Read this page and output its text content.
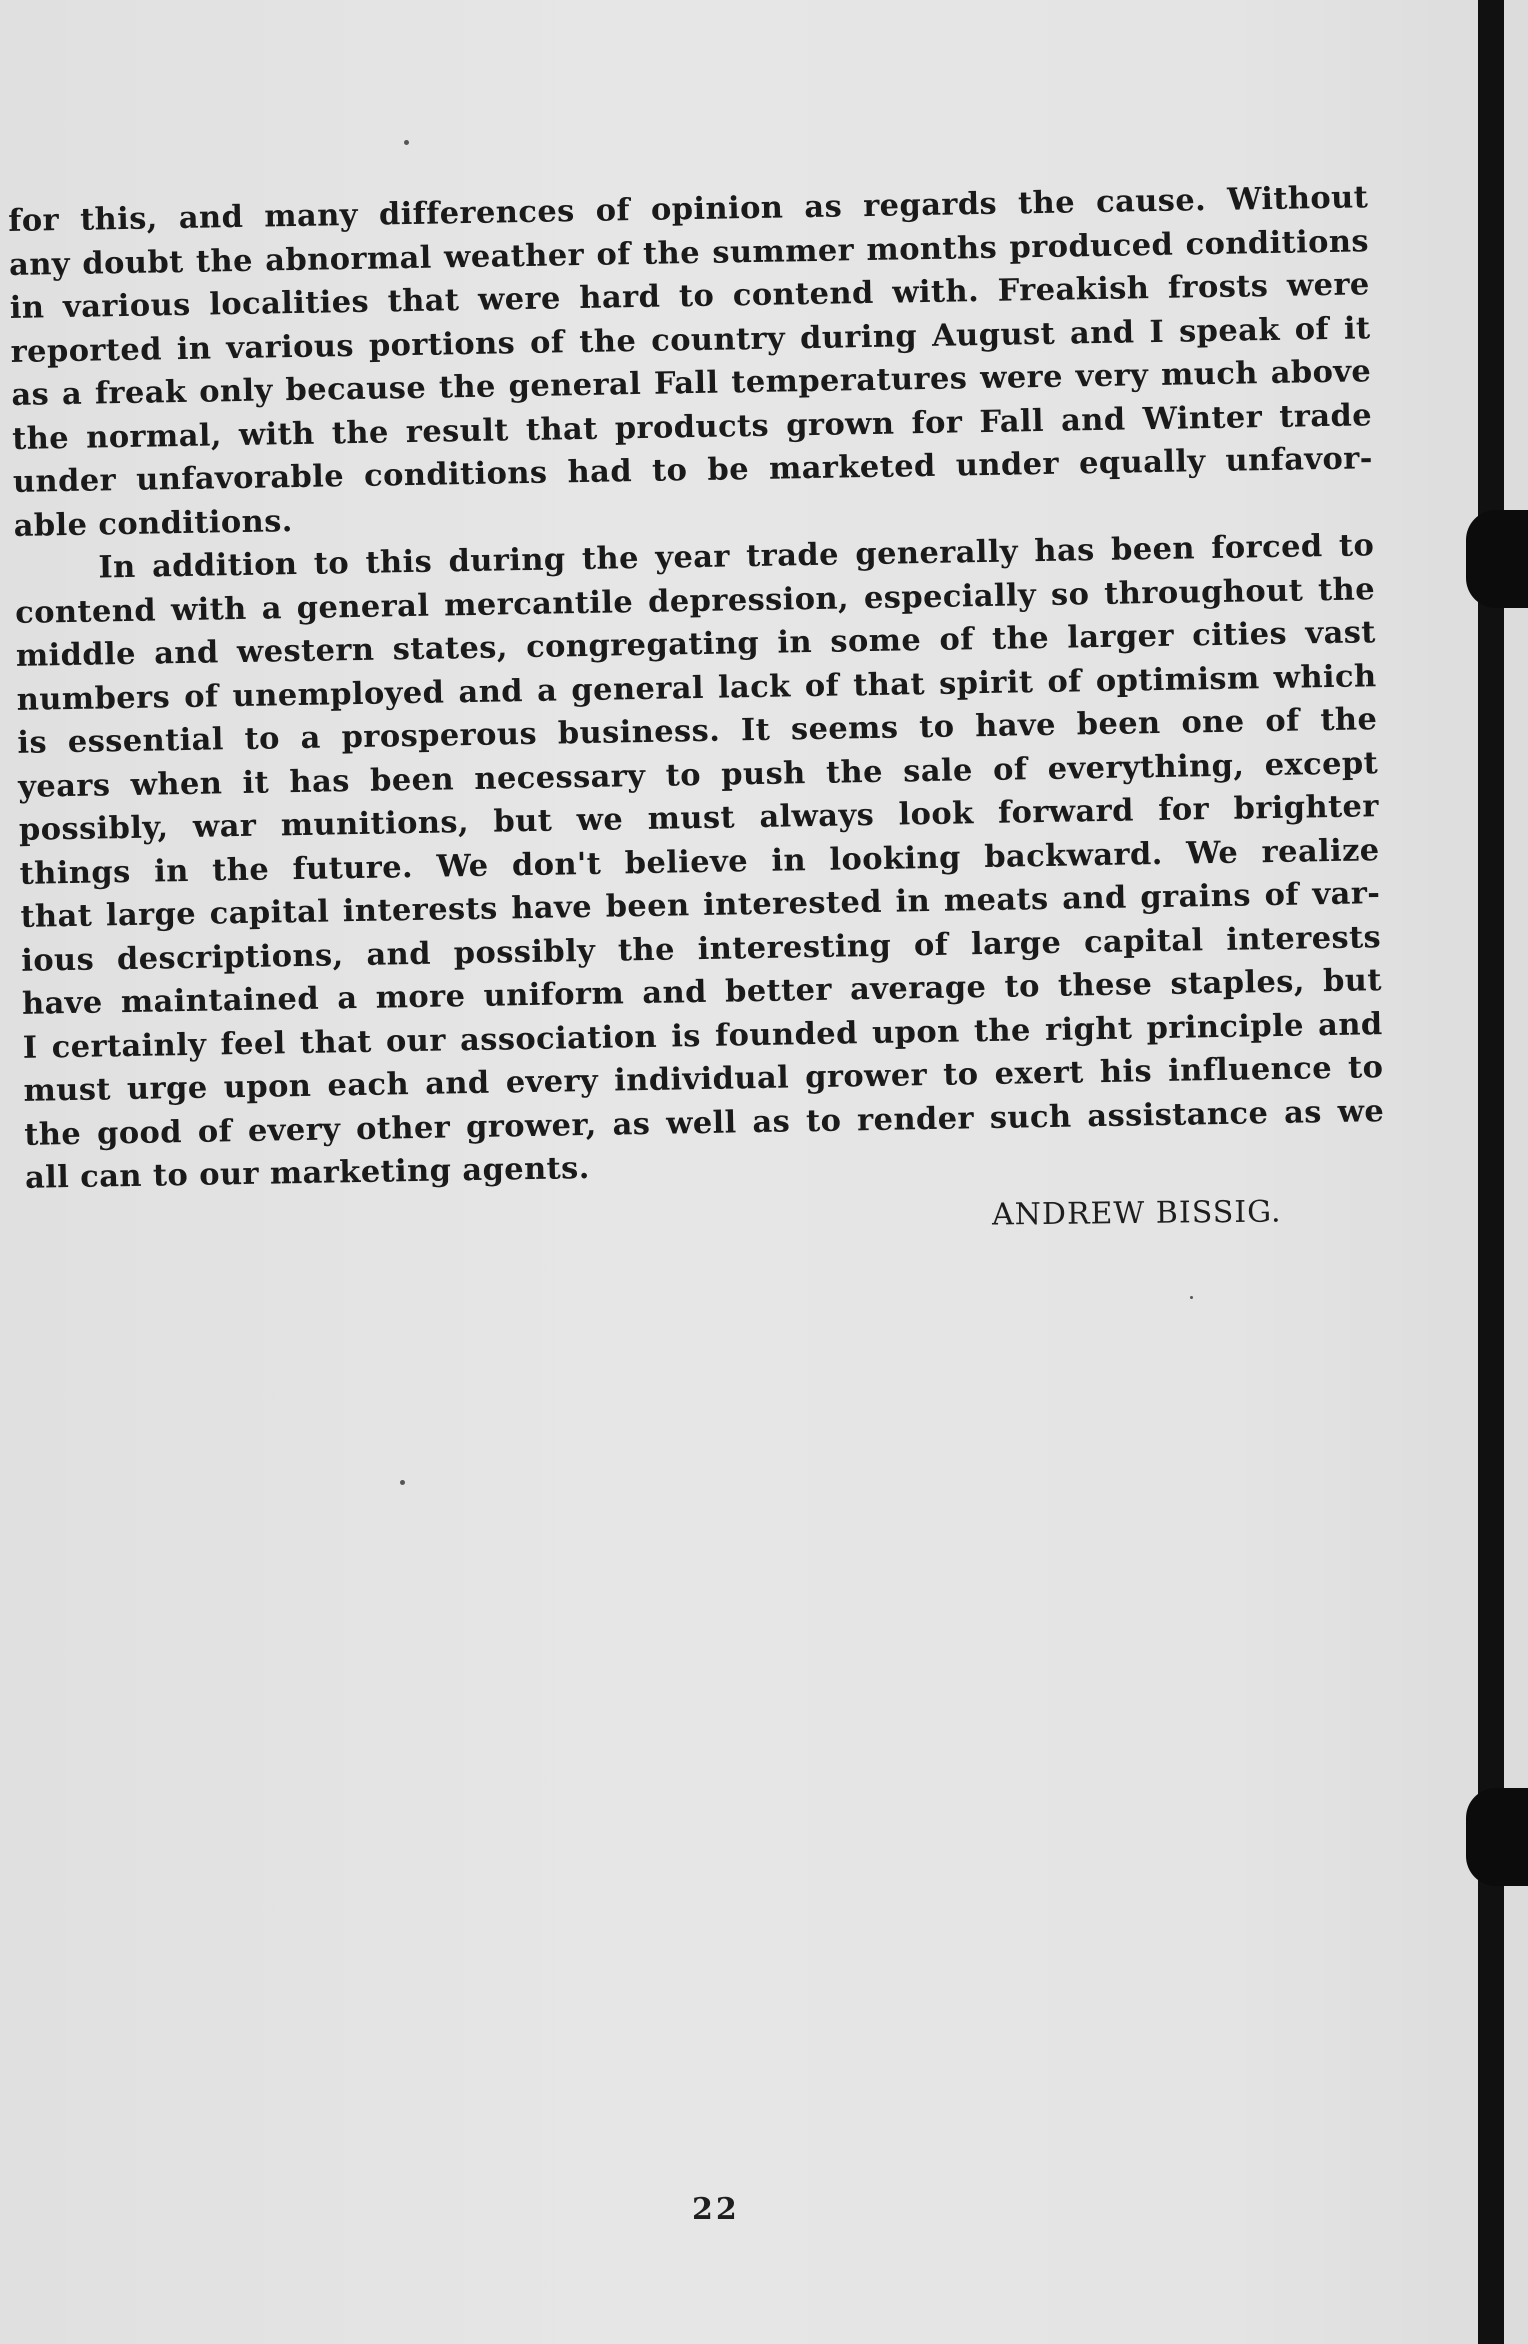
for this, and many differences of opinion as regards the cause. Without
any doubt the abnormal weather of the summer months produced conditions
in various localities that were hard to contend with. Freakish frosts were
reported in various portions of the country during August and I speak of it
as a freak only because the general Fall temperatures were very much above
the normal, with the result that products grown for Fall and Winter trade
under unfavorable conditions had to be marketed under equally unfavor-
able conditions.
In addition to this during the year trade generally has been forced to
contend with a general mercantile depression, especially so throughout the
middle and western states, congregating in some of the larger cities vast
numbers of unemployed and a general lack of that spirit of optimism which
is essential to a prosperous business. It seems to have been one of the
years when it has been necessary to push the sale of everything, except
possibly, war munitions, but we must always look forward for brighter
things in the future. We don't believe in looking backward. We realize
that large capital interests have been interested in meats and grains of var-
ious descriptions, and possibly the interesting of large capital interests
have maintained a more uniform and better average to these staples, but
I certainly feel that our association is founded upon the right principle and
must urge upon each and every individual grower to exert his influence to
the good of every other grower, as well as to render such assistance as we
all can to our marketing agents.
ANDREW BISSIG.
22
